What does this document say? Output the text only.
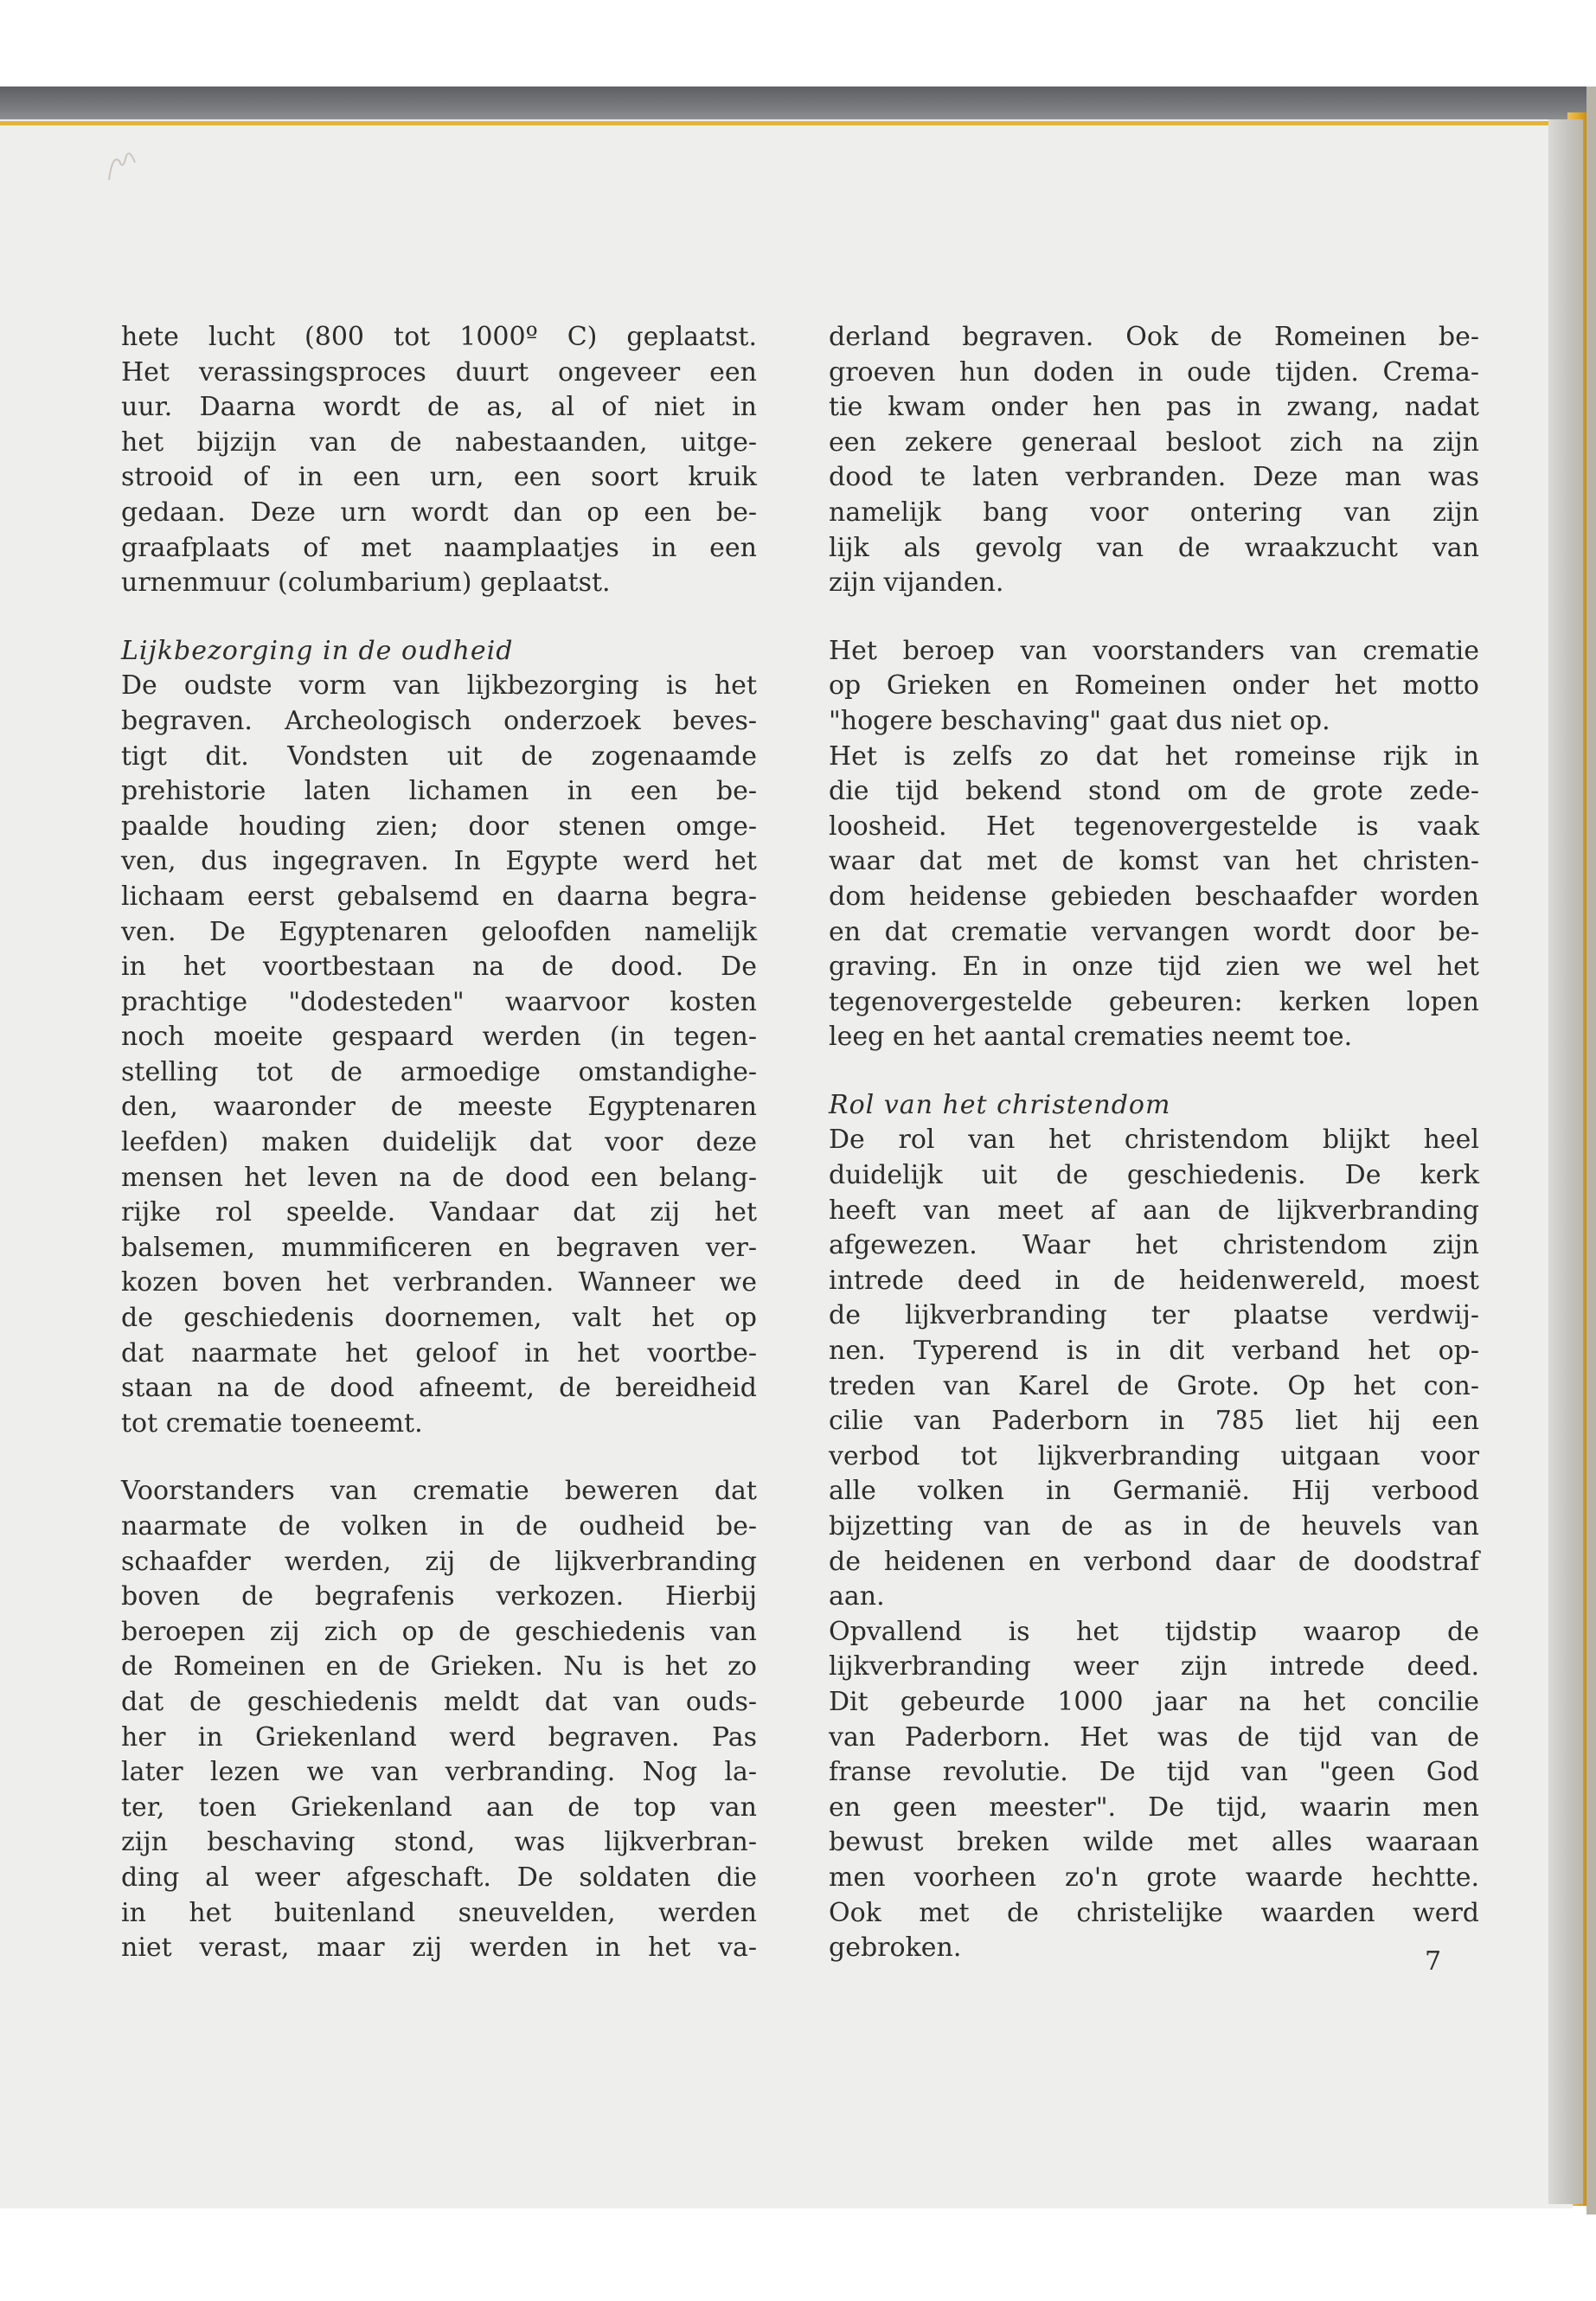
hete lucht (800 tot 1000º C) geplaatst.
Het verassingsproces duurt ongeveer een
uur. Daarna wordt de as, al of niet in
het bijzijn van de nabestaanden, uitge-
strooid of in een urn, een soort kruik
gedaan. Deze urn wordt dan op een be-
graafplaats of met naamplaatjes in een
urnenmuur (columbarium) geplaatst.
Lijkbezorging in de oudheid
De oudste vorm van lijkbezorging is het
begraven. Archeologisch onderzoek beves-
tigt dit. Vondsten uit de zogenaamde
prehistorie laten lichamen in een be-
paalde houding zien; door stenen omge-
ven, dus ingegraven. In Egypte werd het
lichaam eerst gebalsemd en daarna begra-
ven. De Egyptenaren geloofden namelijk
in het voortbestaan na de dood. De
prachtige "dodesteden" waarvoor kosten
noch moeite gespaard werden (in tegen-
stelling tot de armoedige omstandighe-
den, waaronder de meeste Egyptenaren
leefden) maken duidelijk dat voor deze
mensen het leven na de dood een belang-
rijke rol speelde. Vandaar dat zij het
balsemen, mummificeren en begraven ver-
kozen boven het verbranden. Wanneer we
de geschiedenis doornemen, valt het op
dat naarmate het geloof in het voortbe-
staan na de dood afneemt, de bereidheid
tot crematie toeneemt.
Voorstanders van crematie beweren dat
naarmate de volken in de oudheid be-
schaafder werden, zij de lijkverbranding
boven de begrafenis verkozen. Hierbij
beroepen zij zich op de geschiedenis van
de Romeinen en de Grieken. Nu is het zo
dat de geschiedenis meldt dat van ouds-
her in Griekenland werd begraven. Pas
later lezen we van verbranding. Nog la-
ter, toen Griekenland aan de top van
zijn beschaving stond, was lijkverbran-
ding al weer afgeschaft. De soldaten die
in het buitenland sneuvelden, werden
niet verast, maar zij werden in het va-
derland begraven. Ook de Romeinen be-
groeven hun doden in oude tijden. Crema-
tie kwam onder hen pas in zwang, nadat
een zekere generaal besloot zich na zijn
dood te laten verbranden. Deze man was
namelijk bang voor ontering van zijn
lijk als gevolg van de wraakzucht van
zijn vijanden.
Het beroep van voorstanders van crematie
op Grieken en Romeinen onder het motto
"hogere beschaving" gaat dus niet op.
Het is zelfs zo dat het romeinse rijk in
die tijd bekend stond om de grote zede-
loosheid. Het tegenovergestelde is vaak
waar dat met de komst van het christen-
dom heidense gebieden beschaafder worden
en dat crematie vervangen wordt door be-
graving. En in onze tijd zien we wel het
tegenovergestelde gebeuren: kerken lopen
leeg en het aantal crematies neemt toe.
Rol van het christendom
De rol van het christendom blijkt heel
duidelijk uit de geschiedenis. De kerk
heeft van meet af aan de lijkverbranding
afgewezen. Waar het christendom zijn
intrede deed in de heidenwereld, moest
de lijkverbranding ter plaatse verdwij-
nen. Typerend is in dit verband het op-
treden van Karel de Grote. Op het con-
cilie van Paderborn in 785 liet hij een
verbod tot lijkverbranding uitgaan voor
alle volken in Germanië. Hij verbood
bijzetting van de as in de heuvels van
de heidenen en verbond daar de doodstraf
aan.
Opvallend is het tijdstip waarop de
lijkverbranding weer zijn intrede deed.
Dit gebeurde 1000 jaar na het concilie
van Paderborn. Het was de tijd van de
franse revolutie. De tijd van "geen God
en geen meester". De tijd, waarin men
bewust breken wilde met alles waaraan
men voorheen zo'n grote waarde hechtte.
Ook met de christelijke waarden werd
gebroken.	7
